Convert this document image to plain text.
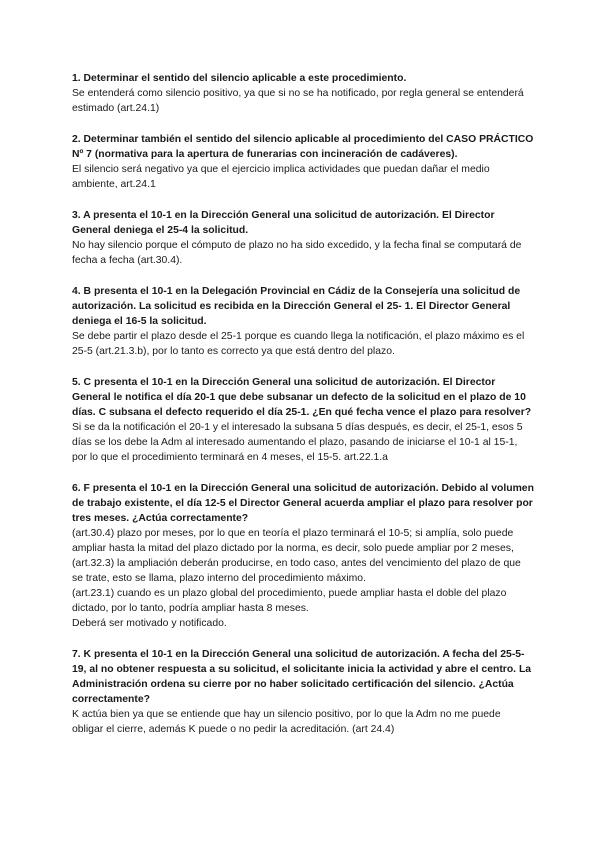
1. Determinar el sentido del silencio aplicable a este procedimiento.

Se entenderá como silencio positivo, ya que si no se ha notificado, por regla general se entenderá estimado (art.24.1)

2. Determinar también el sentido del silencio aplicable al procedimiento del CASO PRÁCTICO Nº 7 (normativa para la apertura de funerarias con incineración de cadáveres).

El silencio será negativo ya que el ejercicio implica actividades que puedan dañar el medio ambiente, art.24.1

3. A presenta el 10-1 en la Dirección General una solicitud de autorización. El Director General deniega el 25-4 la solicitud.

No hay silencio porque el cómputo de plazo no ha sido excedido, y la fecha final se computará de fecha a fecha (art.30.4).

4. B presenta el 10-1 en la Delegación Provincial en Cádiz de la Consejería una solicitud de autorización. La solicitud es recibida en la Dirección General el 25- 1. El Director General deniega el 16-5 la solicitud.

Se debe partir el plazo desde el 25-1 porque es cuando llega la notificación, el plazo máximo es el 25-5 (art.21.3.b), por lo tanto es correcto ya que está dentro del plazo.

5. C presenta el 10-1 en la Dirección General una solicitud de autorización. El Director General le notifica el día 20-1 que debe subsanar un defecto de la solicitud en el plazo de 10 días. C subsana el defecto requerido el día 25-1. ¿En qué fecha vence el plazo para resolver?

Si se da la notificación el 20-1 y el interesado la subsana 5 días después, es decir, el 25-1, esos 5 días se los debe la Adm al interesado aumentando el plazo, pasando de iniciarse el 10-1 al 15-1, por lo que el procedimiento terminará en 4 meses, el 15-5. art.22.1.a

6. F presenta el 10-1 en la Dirección General una solicitud de autorización. Debido al volumen de trabajo existente, el día 12-5 el Director General acuerda ampliar el plazo para resolver por tres meses. ¿Actúa correctamente?

(art.30.4) plazo por meses, por lo que en teoría el plazo terminará el 10-5; si amplía, solo puede ampliar hasta la mitad del plazo dictado por la norma, es decir, solo puede ampliar por 2 meses, (art.32.3) la ampliación deberán producirse, en todo caso, antes del vencimiento del plazo de que se trate, esto se llama, plazo interno del procedimiento máximo.

(art.23.1) cuando es un plazo global del procedimiento, puede ampliar hasta el doble del plazo dictado, por lo tanto, podría ampliar hasta 8 meses.

Deberá ser motivado y notificado.

7. K presenta el 10-1 en la Dirección General una solicitud de autorización. A fecha del 25-5-19, al no obtener respuesta a su solicitud, el solicitante inicia la actividad y abre el centro. La Administración ordena su cierre por no haber solicitado certificación del silencio. ¿Actúa correctamente?

K actúa bien ya que se entiende que hay un silencio positivo, por lo que la Adm no me puede obligar el cierre, además K puede o no pedir la acreditación. (art 24.4)
